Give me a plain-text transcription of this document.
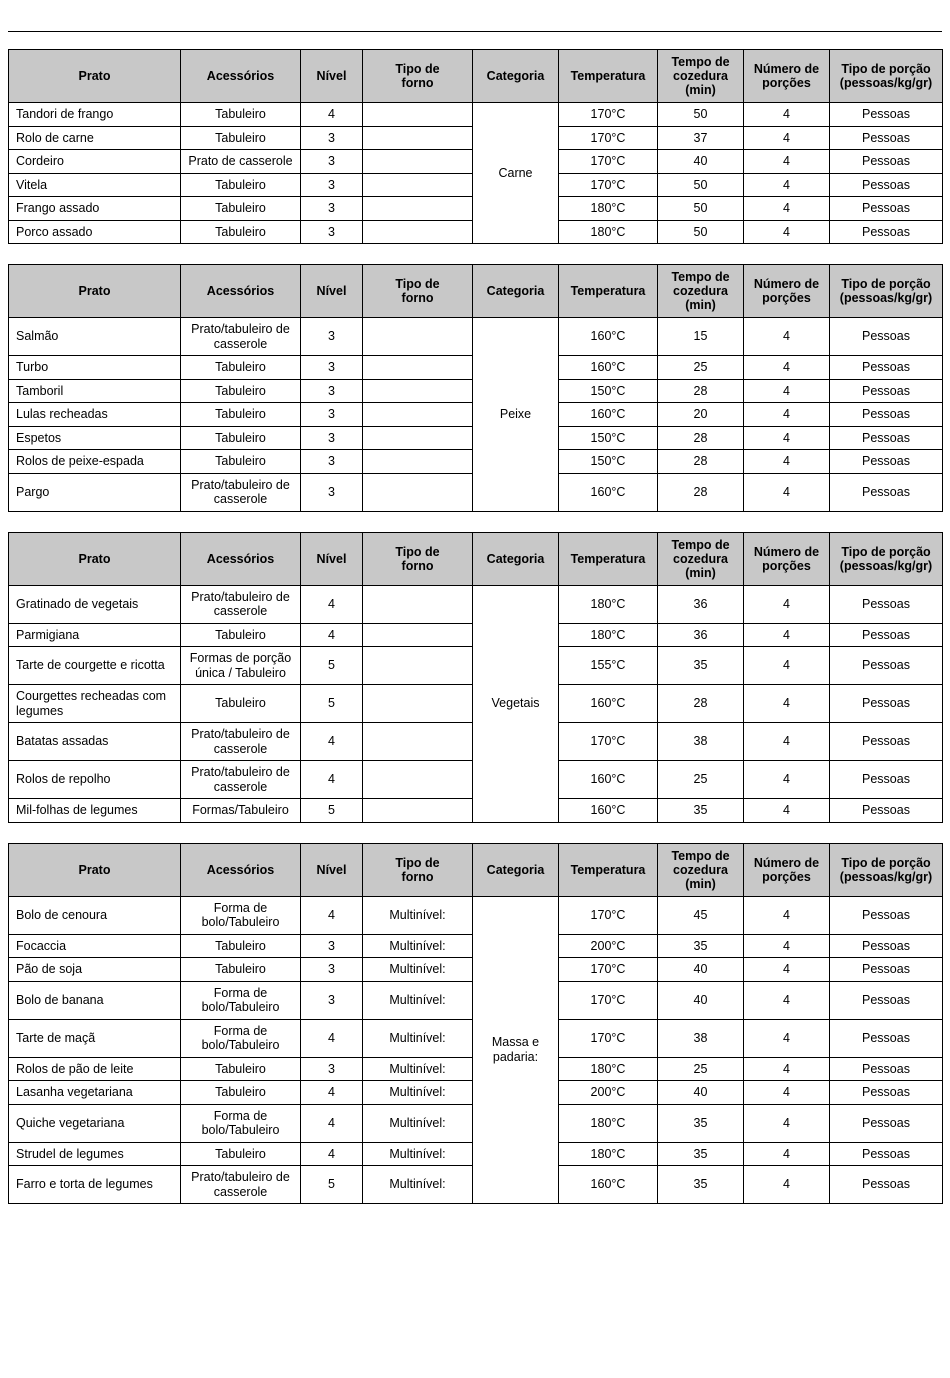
Prato	Acessórios	Nível	Tipo de forno	Categoria	Temperatura	Tempo de cozedura (min)	Número de porções	Tipo de porção (pessoas/kg/gr)
Tandori de frango	Tabuleiro	4		Carne	170°C	50	4	Pessoas
Rolo de carne	Tabuleiro	3			170°C	37	4	Pessoas
Cordeiro	Prato de casserole	3			170°C	40	4	Pessoas
Vitela	Tabuleiro	3			170°C	50	4	Pessoas
Frango assado	Tabuleiro	3			180°C	50	4	Pessoas
Porco assado	Tabuleiro	3			180°C	50	4	Pessoas
Prato	Acessórios	Nível	Tipo de forno	Categoria	Temperatura	Tempo de cozedura (min)	Número de porções	Tipo de porção (pessoas/kg/gr)
Salmão	Prato/tabuleiro de casserole	3		Peixe	160°C	15	4	Pessoas
Turbo	Tabuleiro	3			160°C	25	4	Pessoas
Tamboril	Tabuleiro	3			150°C	28	4	Pessoas
Lulas recheadas	Tabuleiro	3			160°C	20	4	Pessoas
Espetos	Tabuleiro	3			150°C	28	4	Pessoas
Rolos de peixe-espada	Tabuleiro	3			150°C	28	4	Pessoas
Pargo	Prato/tabuleiro de casserole	3			160°C	28	4	Pessoas
Prato	Acessórios	Nível	Tipo de forno	Categoria	Temperatura	Tempo de cozedura (min)	Número de porções	Tipo de porção (pessoas/kg/gr)
Gratinado de vegetais	Prato/tabuleiro de casserole	4		Vegetais	180°C	36	4	Pessoas
Parmigiana	Tabuleiro	4			180°C	36	4	Pessoas
Tarte de courgette e ricotta	Formas de porção única / Tabuleiro	5			155°C	35	4	Pessoas
Courgettes recheadas com legumes	Tabuleiro	5			160°C	28	4	Pessoas
Batatas assadas	Prato/tabuleiro de casserole	4			170°C	38	4	Pessoas
Rolos de repolho	Prato/tabuleiro de casserole	4			160°C	25	4	Pessoas
Mil-folhas de legumes	Formas/Tabuleiro	5			160°C	35	4	Pessoas
Prato	Acessórios	Nível	Tipo de forno	Categoria	Temperatura	Tempo de cozedura (min)	Número de porções	Tipo de porção (pessoas/kg/gr)
Bolo de cenoura	Forma de bolo/Tabuleiro	4	Multinível:	Massa e padaria:	170°C	45	4	Pessoas
Focaccia	Tabuleiro	3	Multinível:		200°C	35	4	Pessoas
Pão de soja	Tabuleiro	3	Multinível:		170°C	40	4	Pessoas
Bolo de banana	Forma de bolo/Tabuleiro	3	Multinível:		170°C	40	4	Pessoas
Tarte de maçã	Forma de bolo/Tabuleiro	4	Multinível:		170°C	38	4	Pessoas
Rolos de pão de leite	Tabuleiro	3	Multinível:		180°C	25	4	Pessoas
Lasanha vegetariana	Tabuleiro	4	Multinível:		200°C	40	4	Pessoas
Quiche vegetariana	Forma de bolo/Tabuleiro	4	Multinível:		180°C	35	4	Pessoas
Strudel de legumes	Tabuleiro	4	Multinível:		180°C	35	4	Pessoas
Farro e torta de legumes	Prato/tabuleiro de casserole	5	Multinível:		160°C	35	4	Pessoas
